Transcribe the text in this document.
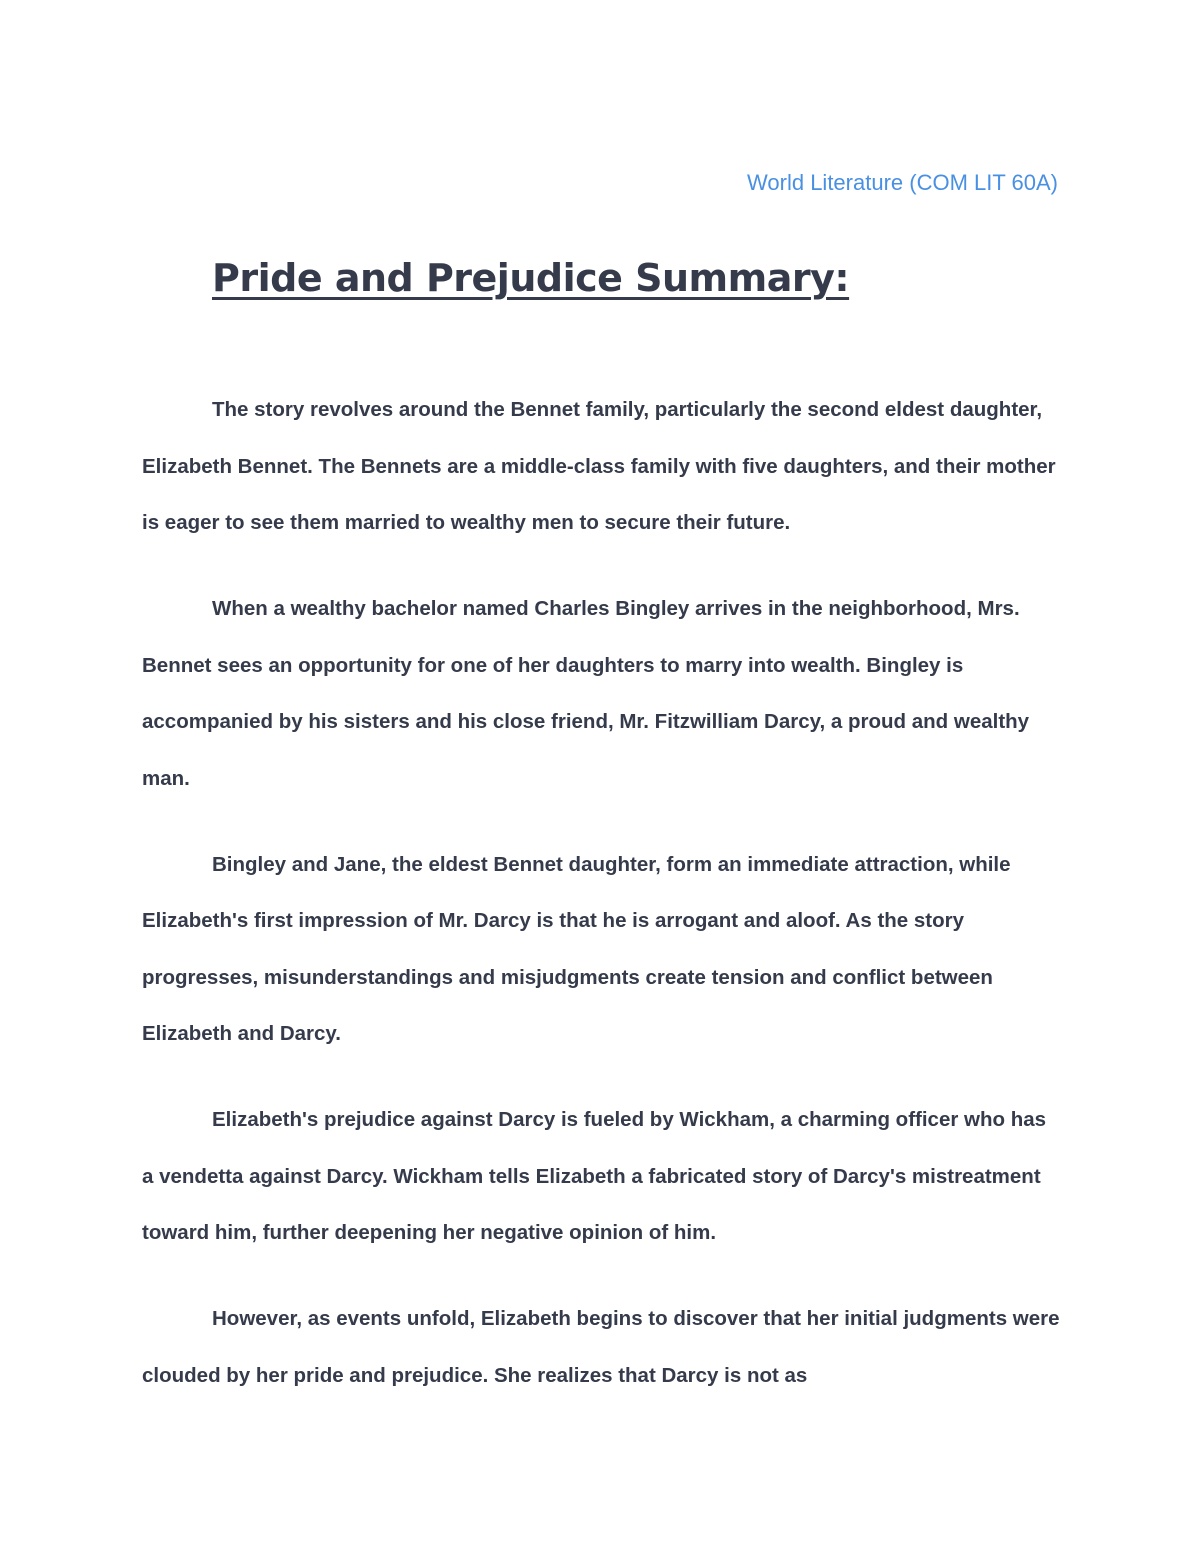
World Literature (COM LIT 60A)

Pride and Prejudice Summary:

The story revolves around the Bennet family, particularly the second eldest daughter, Elizabeth Bennet. The Bennets are a middle-class family with five daughters, and their mother is eager to see them married to wealthy men to secure their future.

When a wealthy bachelor named Charles Bingley arrives in the neighborhood, Mrs. Bennet sees an opportunity for one of her daughters to marry into wealth. Bingley is accompanied by his sisters and his close friend, Mr. Fitzwilliam Darcy, a proud and wealthy man.

Bingley and Jane, the eldest Bennet daughter, form an immediate attraction, while Elizabeth's first impression of Mr. Darcy is that he is arrogant and aloof. As the story progresses, misunderstandings and misjudgments create tension and conflict between Elizabeth and Darcy.

Elizabeth's prejudice against Darcy is fueled by Wickham, a charming officer who has a vendetta against Darcy. Wickham tells Elizabeth a fabricated story of Darcy's mistreatment toward him, further deepening her negative opinion of him.

However, as events unfold, Elizabeth begins to discover that her initial judgments were clouded by her pride and prejudice. She realizes that Darcy is not as
